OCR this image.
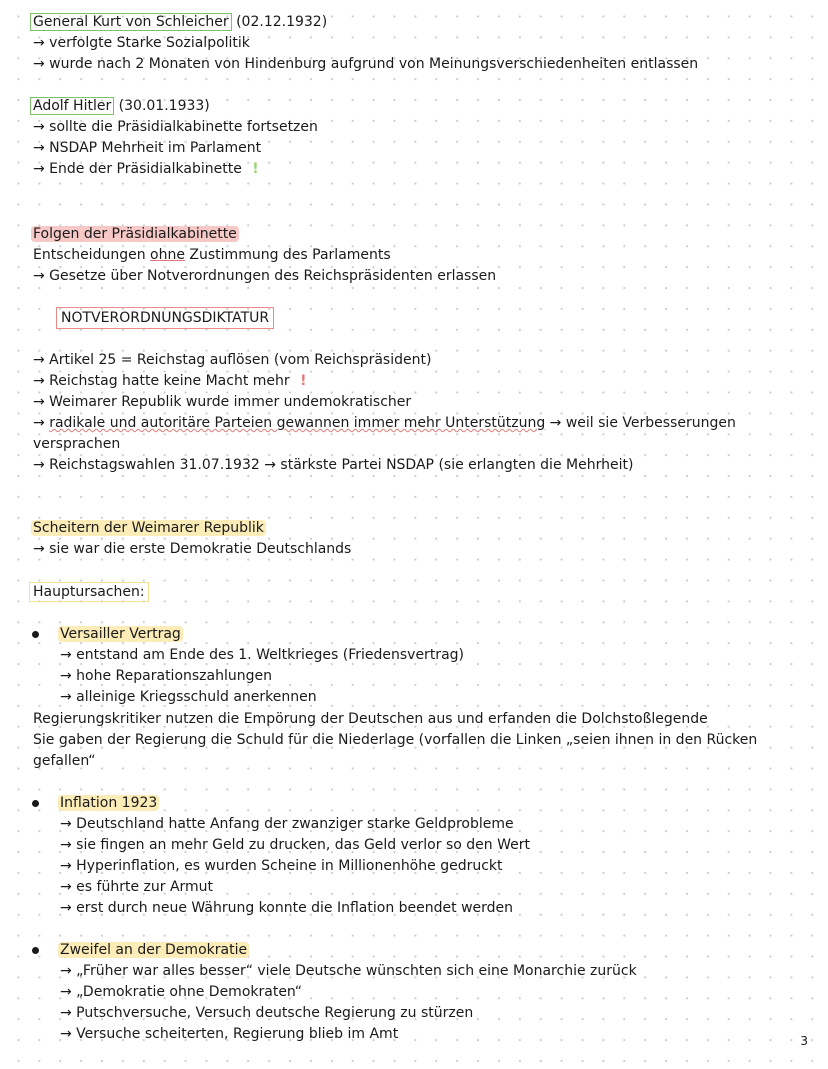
General Kurt von Schleicher (02.12.1932)
→ verfolgte Starke Sozialpolitik
→ wurde nach 2 Monaten von Hindenburg aufgrund von Meinungsverschiedenheiten entlassen
Adolf Hitler (30.01.1933)
→ sollte die Präsidialkabinette fortsetzen
→ NSDAP Mehrheit im Parlament
→ Ende der Präsidialkabinette !
Folgen der Präsidialkabinette
Entscheidungen ohne Zustimmung des Parlaments
→ Gesetze über Notverordnungen des Reichspräsidenten erlassen
NOTVERORDNUNGSDIKTATUR
→ Artikel 25 = Reichstag auflösen (vom Reichspräsident)
→ Reichstag hatte keine Macht mehr !
→ Weimarer Republik wurde immer undemokratischer
→ radikale und autoritäre Parteien gewannen immer mehr Unterstützung → weil sie Verbesserungen
versprachen
→ Reichstagswahlen 31.07.1932 → stärkste Partei NSDAP (sie erlangten die Mehrheit)
Scheitern der Weimarer Republik
→ sie war die erste Demokratie Deutschlands
Hauptursachen:
Versailler Vertrag
→ entstand am Ende des 1. Weltkrieges (Friedensvertrag)
→ hohe Reparationszahlungen
→ alleinige Kriegsschuld anerkennen
Regierungskritiker nutzen die Empörung der Deutschen aus und erfanden die Dolchstoßlegende
Sie gaben der Regierung die Schuld für die Niederlage (vorfallen die Linken „seien ihnen in den Rücken
gefallen“
Inflation 1923
→ Deutschland hatte Anfang der zwanziger starke Geldprobleme
→ sie fingen an mehr Geld zu drucken, das Geld verlor so den Wert
→ Hyperinflation, es wurden Scheine in Millionenhöhe gedruckt
→ es führte zur Armut
→ erst durch neue Währung konnte die Inflation beendet werden
Zweifel an der Demokratie
→ „Früher war alles besser“ viele Deutsche wünschten sich eine Monarchie zurück
→ „Demokratie ohne Demokraten“
→ Putschversuche, Versuch deutsche Regierung zu stürzen
→ Versuche scheiterten, Regierung blieb im Amt	3
